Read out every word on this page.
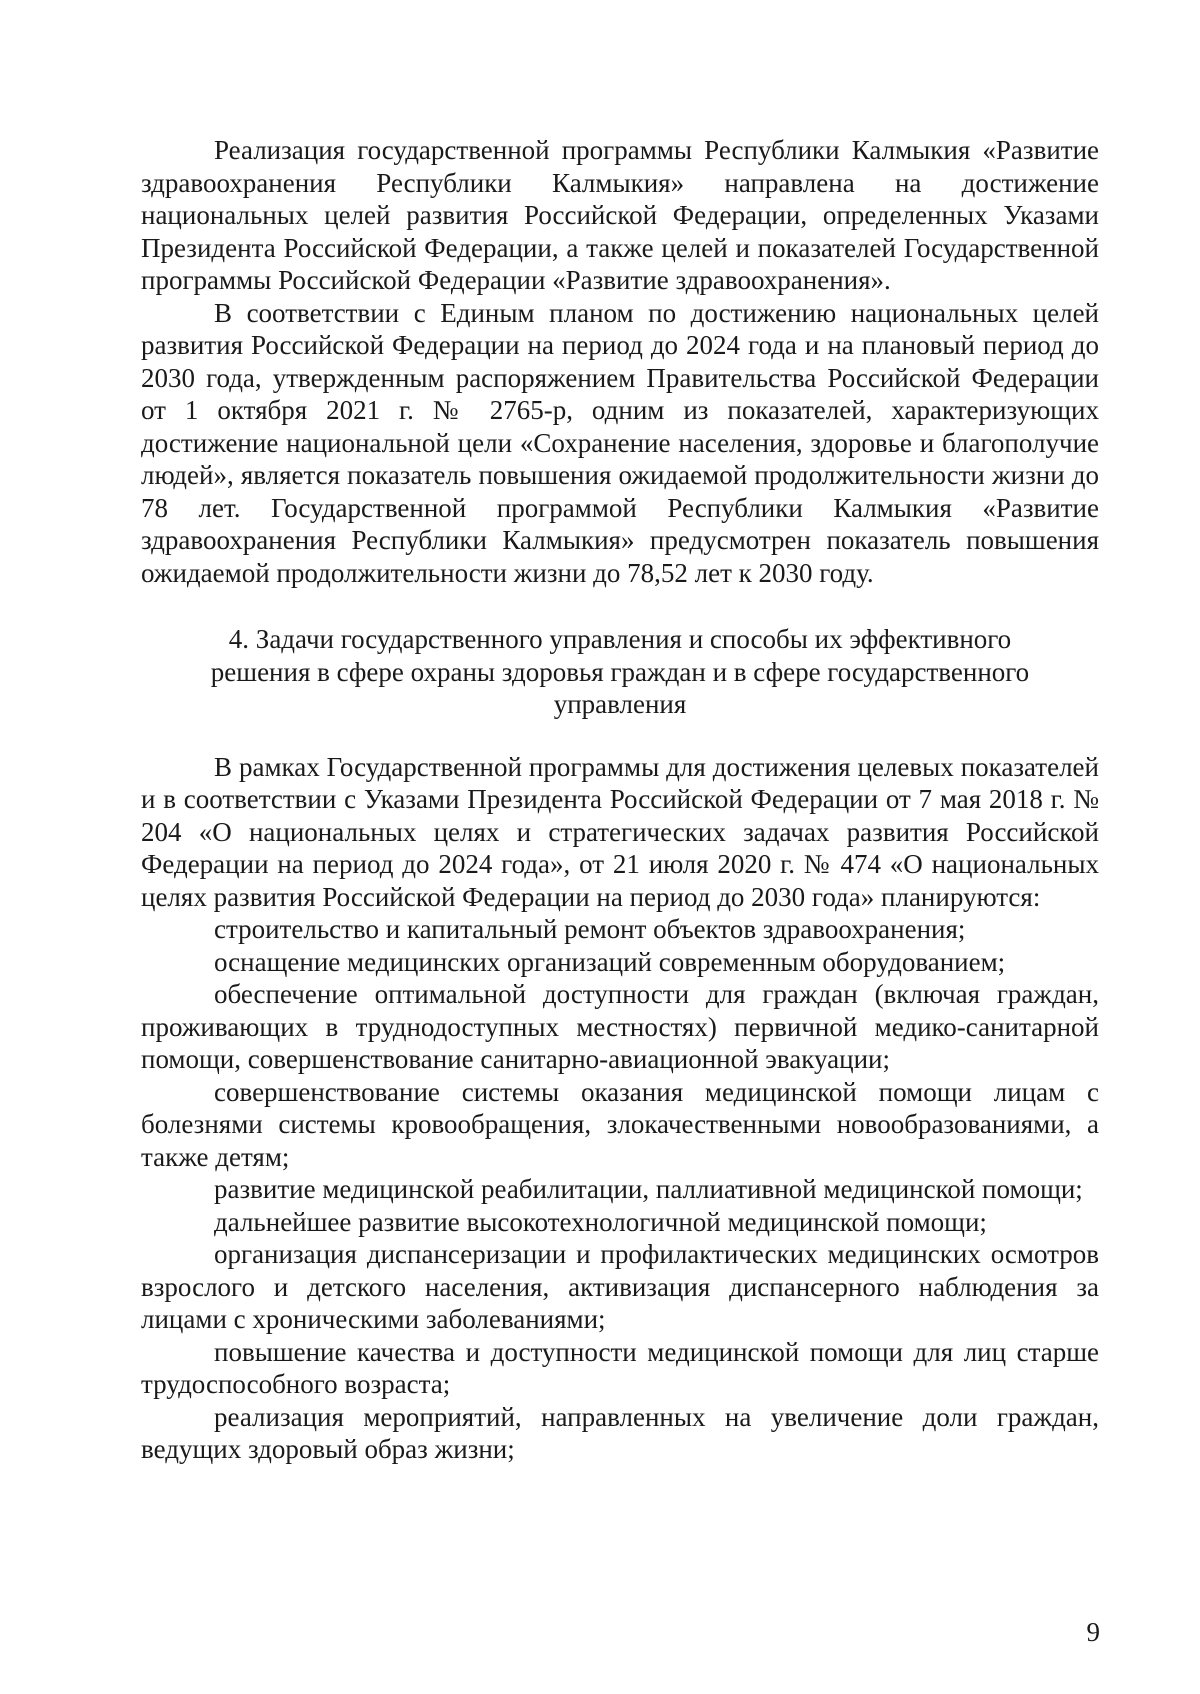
Реализация государственной программы Республики Калмыкия «Развитие здравоохранения Республики Калмыкия» направлена на достижение национальных целей развития Российской Федерации, определенных Указами Президента Российской Федерации, а также целей и показателей Государственной программы Российской Федерации «Развитие здравоохранения».

В соответствии с Единым планом по достижению национальных целей развития Российской Федерации на период до 2024 года и на плановый период до 2030 года, утвержденным распоряжением Правительства Российской Федерации от 1 октября 2021 г. № 2765-р, одним из показателей, характеризующих достижение национальной цели «Сохранение населения, здоровье и благополучие людей», является показатель повышения ожидаемой продолжительности жизни до 78 лет. Государственной программой Республики Калмыкия «Развитие здравоохранения Республики Калмыкия» предусмотрен показатель повышения ожидаемой продолжительности жизни до 78,52 лет к 2030 году.

4. Задачи государственного управления и способы их эффективного решения в сфере охраны здоровья граждан и в сфере государственного управления

В рамках Государственной программы для достижения целевых показателей и в соответствии с Указами Президента Российской Федерации от 7 мая 2018 г. № 204 «О национальных целях и стратегических задачах развития Российской Федерации на период до 2024 года», от 21 июля 2020 г. № 474 «О национальных целях развития Российской Федерации на период до 2030 года» планируются:

строительство и капитальный ремонт объектов здравоохранения;

оснащение медицинских организаций современным оборудованием;

обеспечение оптимальной доступности для граждан (включая граждан, проживающих в труднодоступных местностях) первичной медико-санитарной помощи, совершенствование санитарно-авиационной эвакуации;

совершенствование системы оказания медицинской помощи лицам с болезнями системы кровообращения, злокачественными новообразованиями, а также детям;

развитие медицинской реабилитации, паллиативной медицинской помощи;

дальнейшее развитие высокотехнологичной медицинской помощи;

организация диспансеризации и профилактических медицинских осмотров взрослого и детского населения, активизация диспансерного наблюдения за лицами с хроническими заболеваниями;

повышение качества и доступности медицинской помощи для лиц старше трудоспособного возраста;

реализация мероприятий, направленных на увеличение доли граждан, ведущих здоровый образ жизни;

9
